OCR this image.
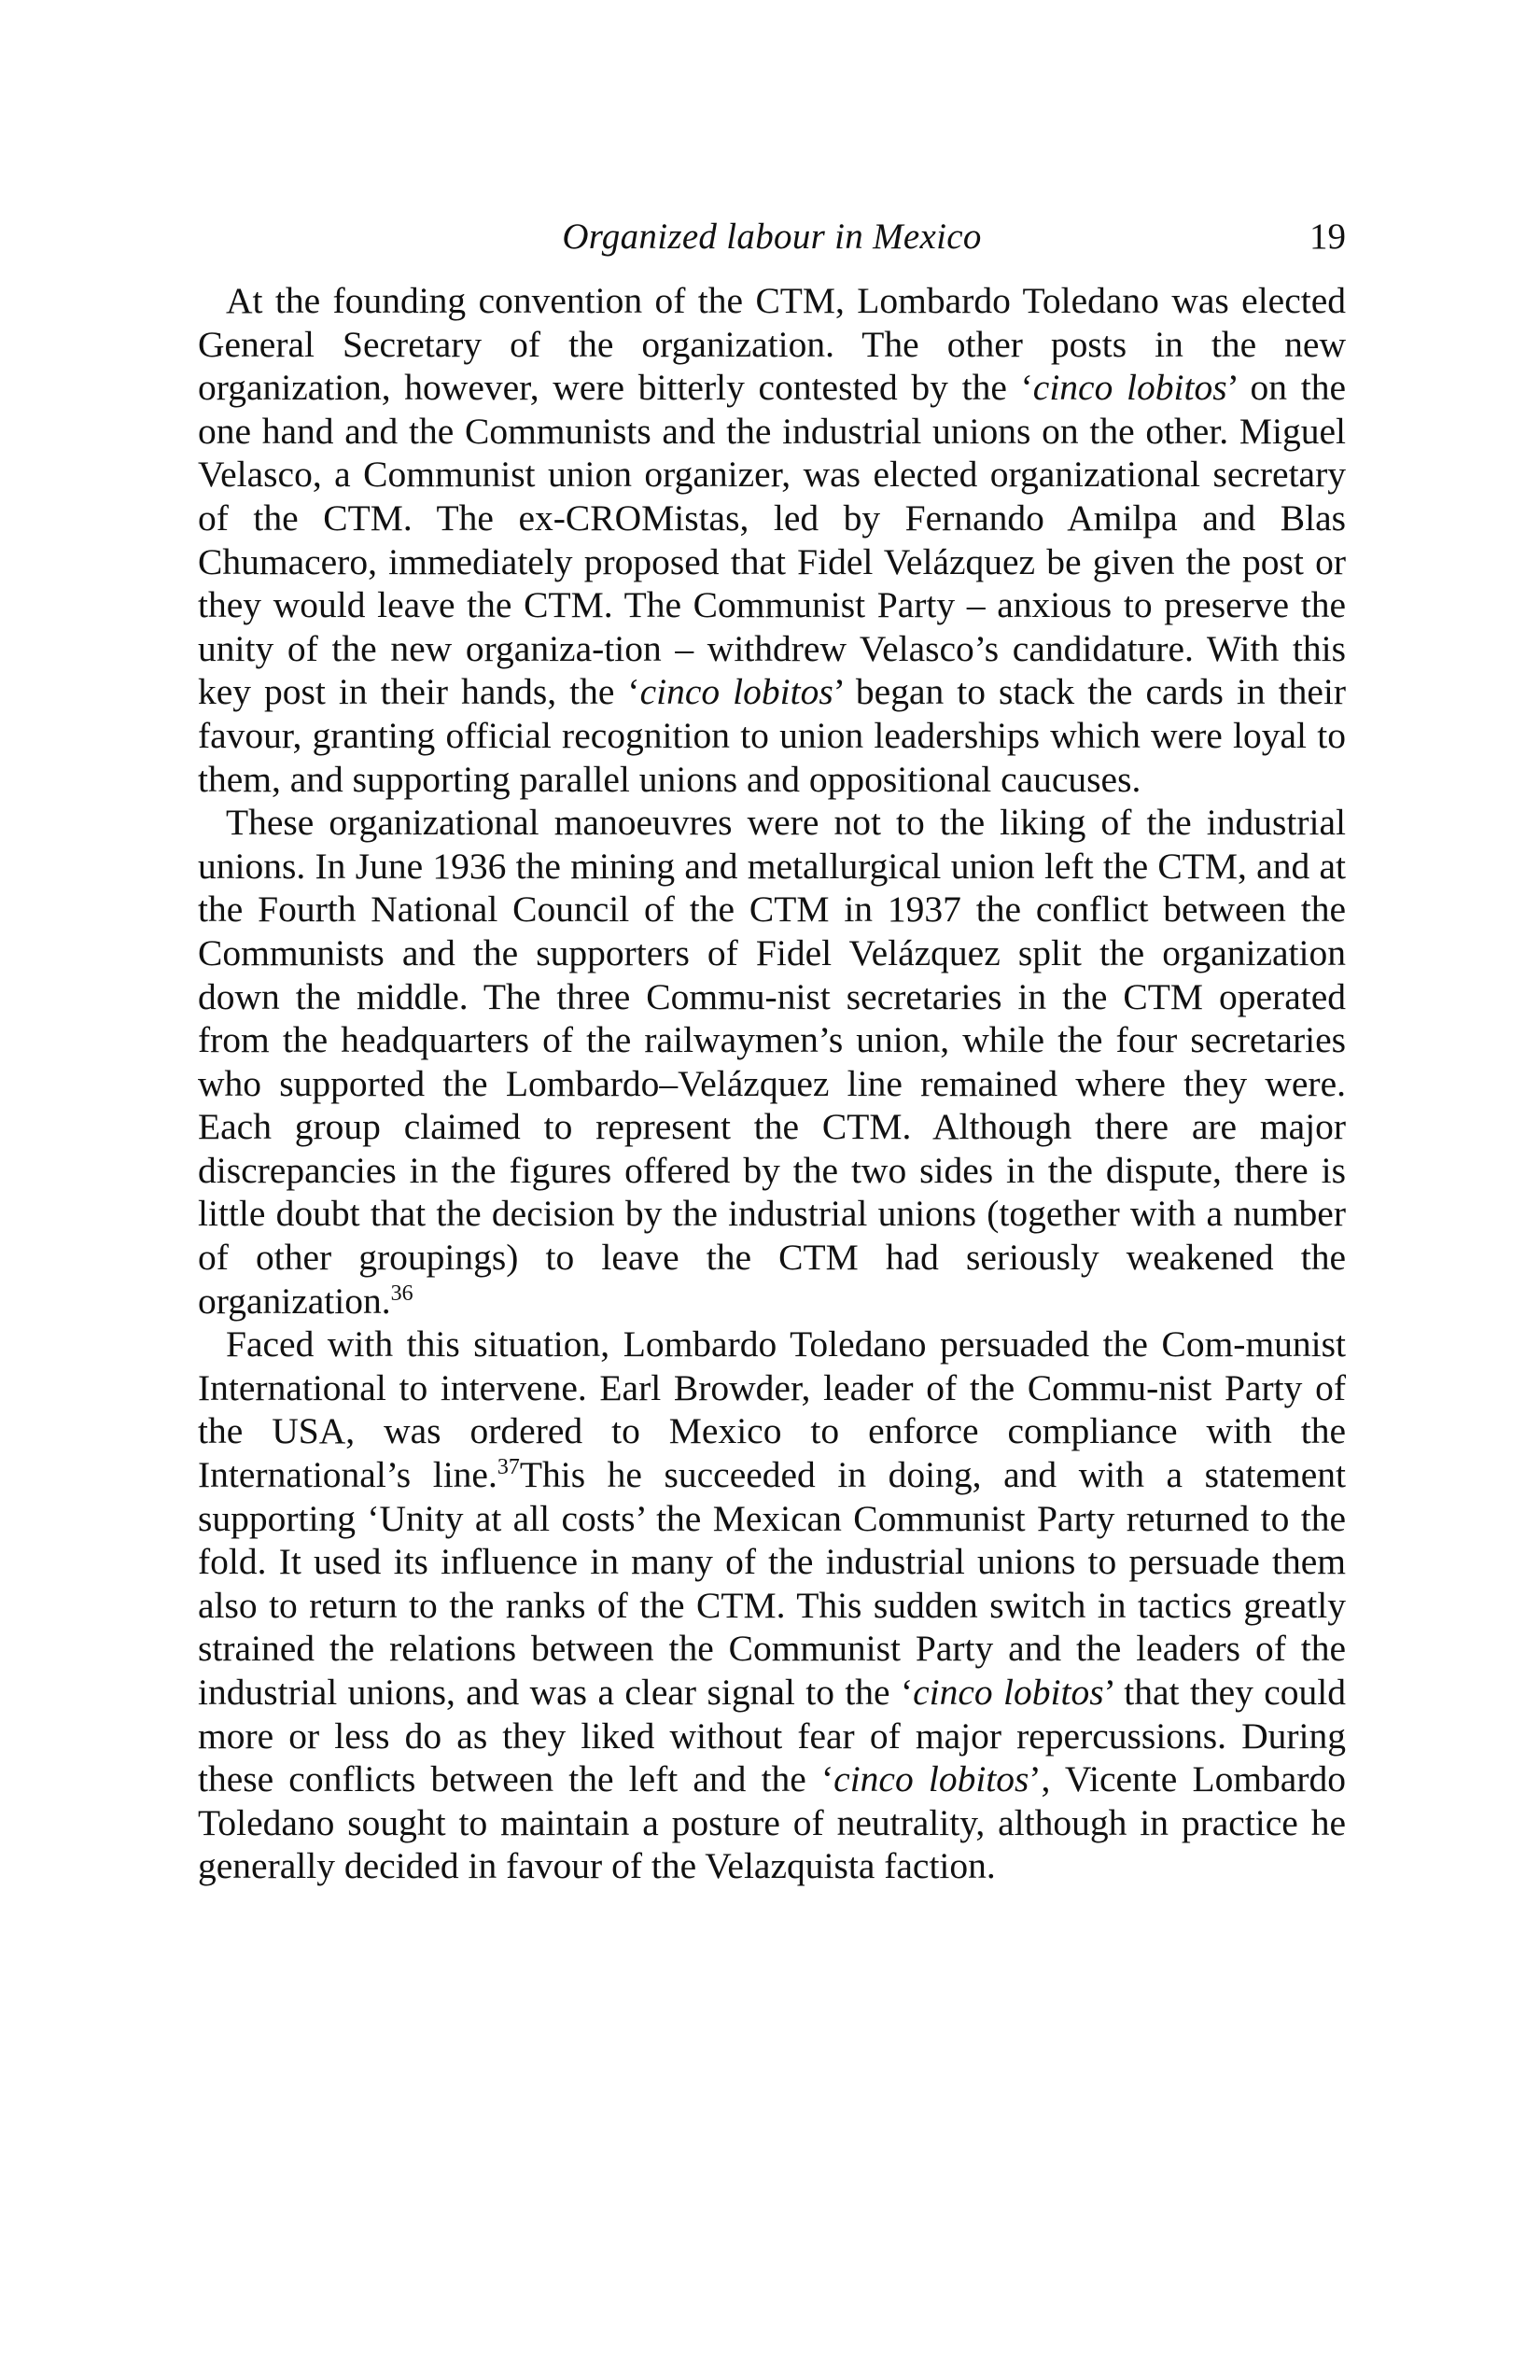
Organized labour in Mexico	19

At the founding convention of the CTM, Lombardo Toledano was elected General Secretary of the organization. The other posts in the new organization, however, were bitterly contested by the ‘cinco lobitos’ on the one hand and the Communists and the industrial unions on the other. Miguel Velasco, a Communist union organizer, was elected organizational secretary of the CTM. The ex-CROMistas, led by Fernando Amilpa and Blas Chumacero, immediately proposed that Fidel Velázquez be given the post or they would leave the CTM. The Communist Party – anxious to preserve the unity of the new organiza-tion – withdrew Velasco’s candidature. With this key post in their hands, the ‘cinco lobitos’ began to stack the cards in their favour, granting official recognition to union leaderships which were loyal to them, and supporting parallel unions and oppositional caucuses.

These organizational manoeuvres were not to the liking of the industrial unions. In June 1936 the mining and metallurgical union left the CTM, and at the Fourth National Council of the CTM in 1937 the conflict between the Communists and the supporters of Fidel Velázquez split the organization down the middle. The three Commu-nist secretaries in the CTM operated from the headquarters of the railwaymen’s union, while the four secretaries who supported the Lombardo–Velázquez line remained where they were. Each group claimed to represent the CTM. Although there are major discrepancies in the figures offered by the two sides in the dispute, there is little doubt that the decision by the industrial unions (together with a number of other groupings) to leave the CTM had seriously weakened the organization.$^{36}$

Faced with this situation, Lombardo Toledano persuaded the Com-munist International to intervene. Earl Browder, leader of the Commu-nist Party of the USA, was ordered to Mexico to enforce compliance with the International’s line.$^{37}$This he succeeded in doing, and with a statement supporting ‘Unity at all costs’ the Mexican Communist Party returned to the fold. It used its influence in many of the industrial unions to persuade them also to return to the ranks of the CTM. This sudden switch in tactics greatly strained the relations between the Communist Party and the leaders of the industrial unions, and was a clear signal to the ‘cinco lobitos’ that they could more or less do as they liked without fear of major repercussions. During these conflicts between the left and the ‘cinco lobitos’, Vicente Lombardo Toledano sought to maintain a posture of neutrality, although in practice he generally decided in favour of the Velazquista faction.
